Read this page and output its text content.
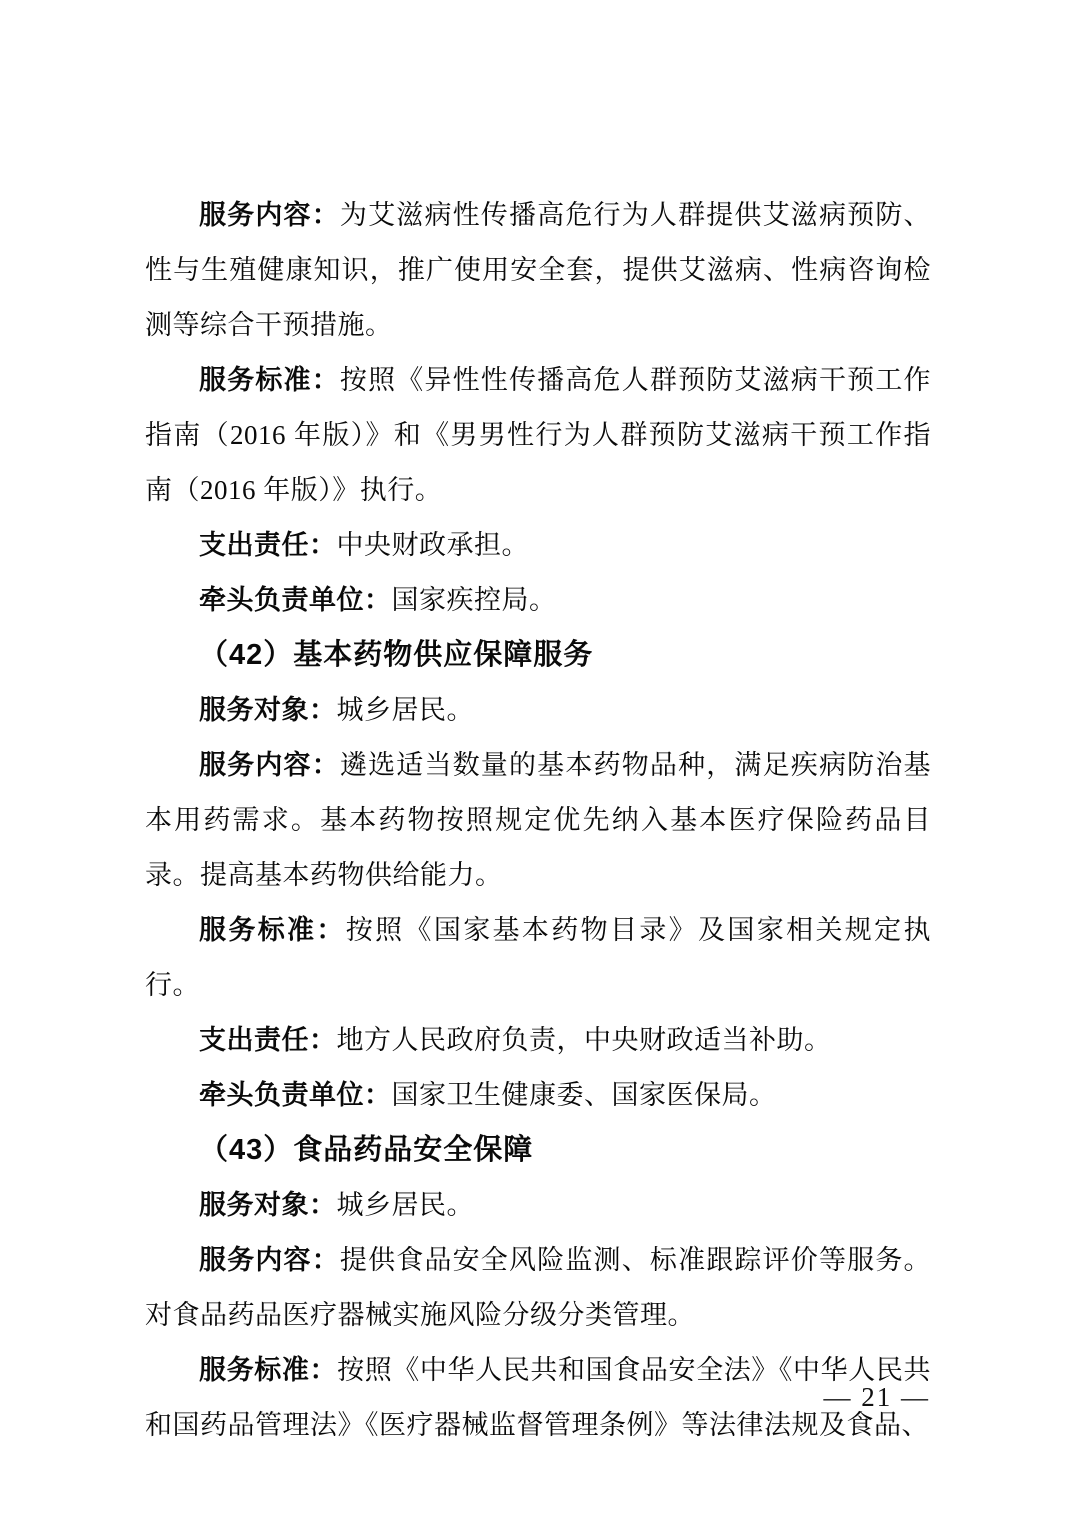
服务内容：为艾滋病性传播高危行为人群提供艾滋病预防、性与生殖健康知识，推广使用安全套，提供艾滋病、性病咨询检测等综合干预措施。

服务标准：按照《异性性传播高危人群预防艾滋病干预工作指南（2016 年版）》和《男男性行为人群预防艾滋病干预工作指南（2016 年版）》执行。

支出责任：中央财政承担。

牵头负责单位：国家疾控局。

（42）基本药物供应保障服务

服务对象：城乡居民。

服务内容：遴选适当数量的基本药物品种，满足疾病防治基本用药需求。基本药物按照规定优先纳入基本医疗保险药品目录。提高基本药物供给能力。

服务标准：按照《国家基本药物目录》及国家相关规定执行。

支出责任：地方人民政府负责，中央财政适当补助。

牵头负责单位：国家卫生健康委、国家医保局。

（43）食品药品安全保障

服务对象：城乡居民。

服务内容：提供食品安全风险监测、标准跟踪评价等服务。对食品药品医疗器械实施风险分级分类管理。

服务标准：按照《中华人民共和国食品安全法》《中华人民共和国药品管理法》《医疗器械监督管理条例》等法律法规及食品、

— 21 —
